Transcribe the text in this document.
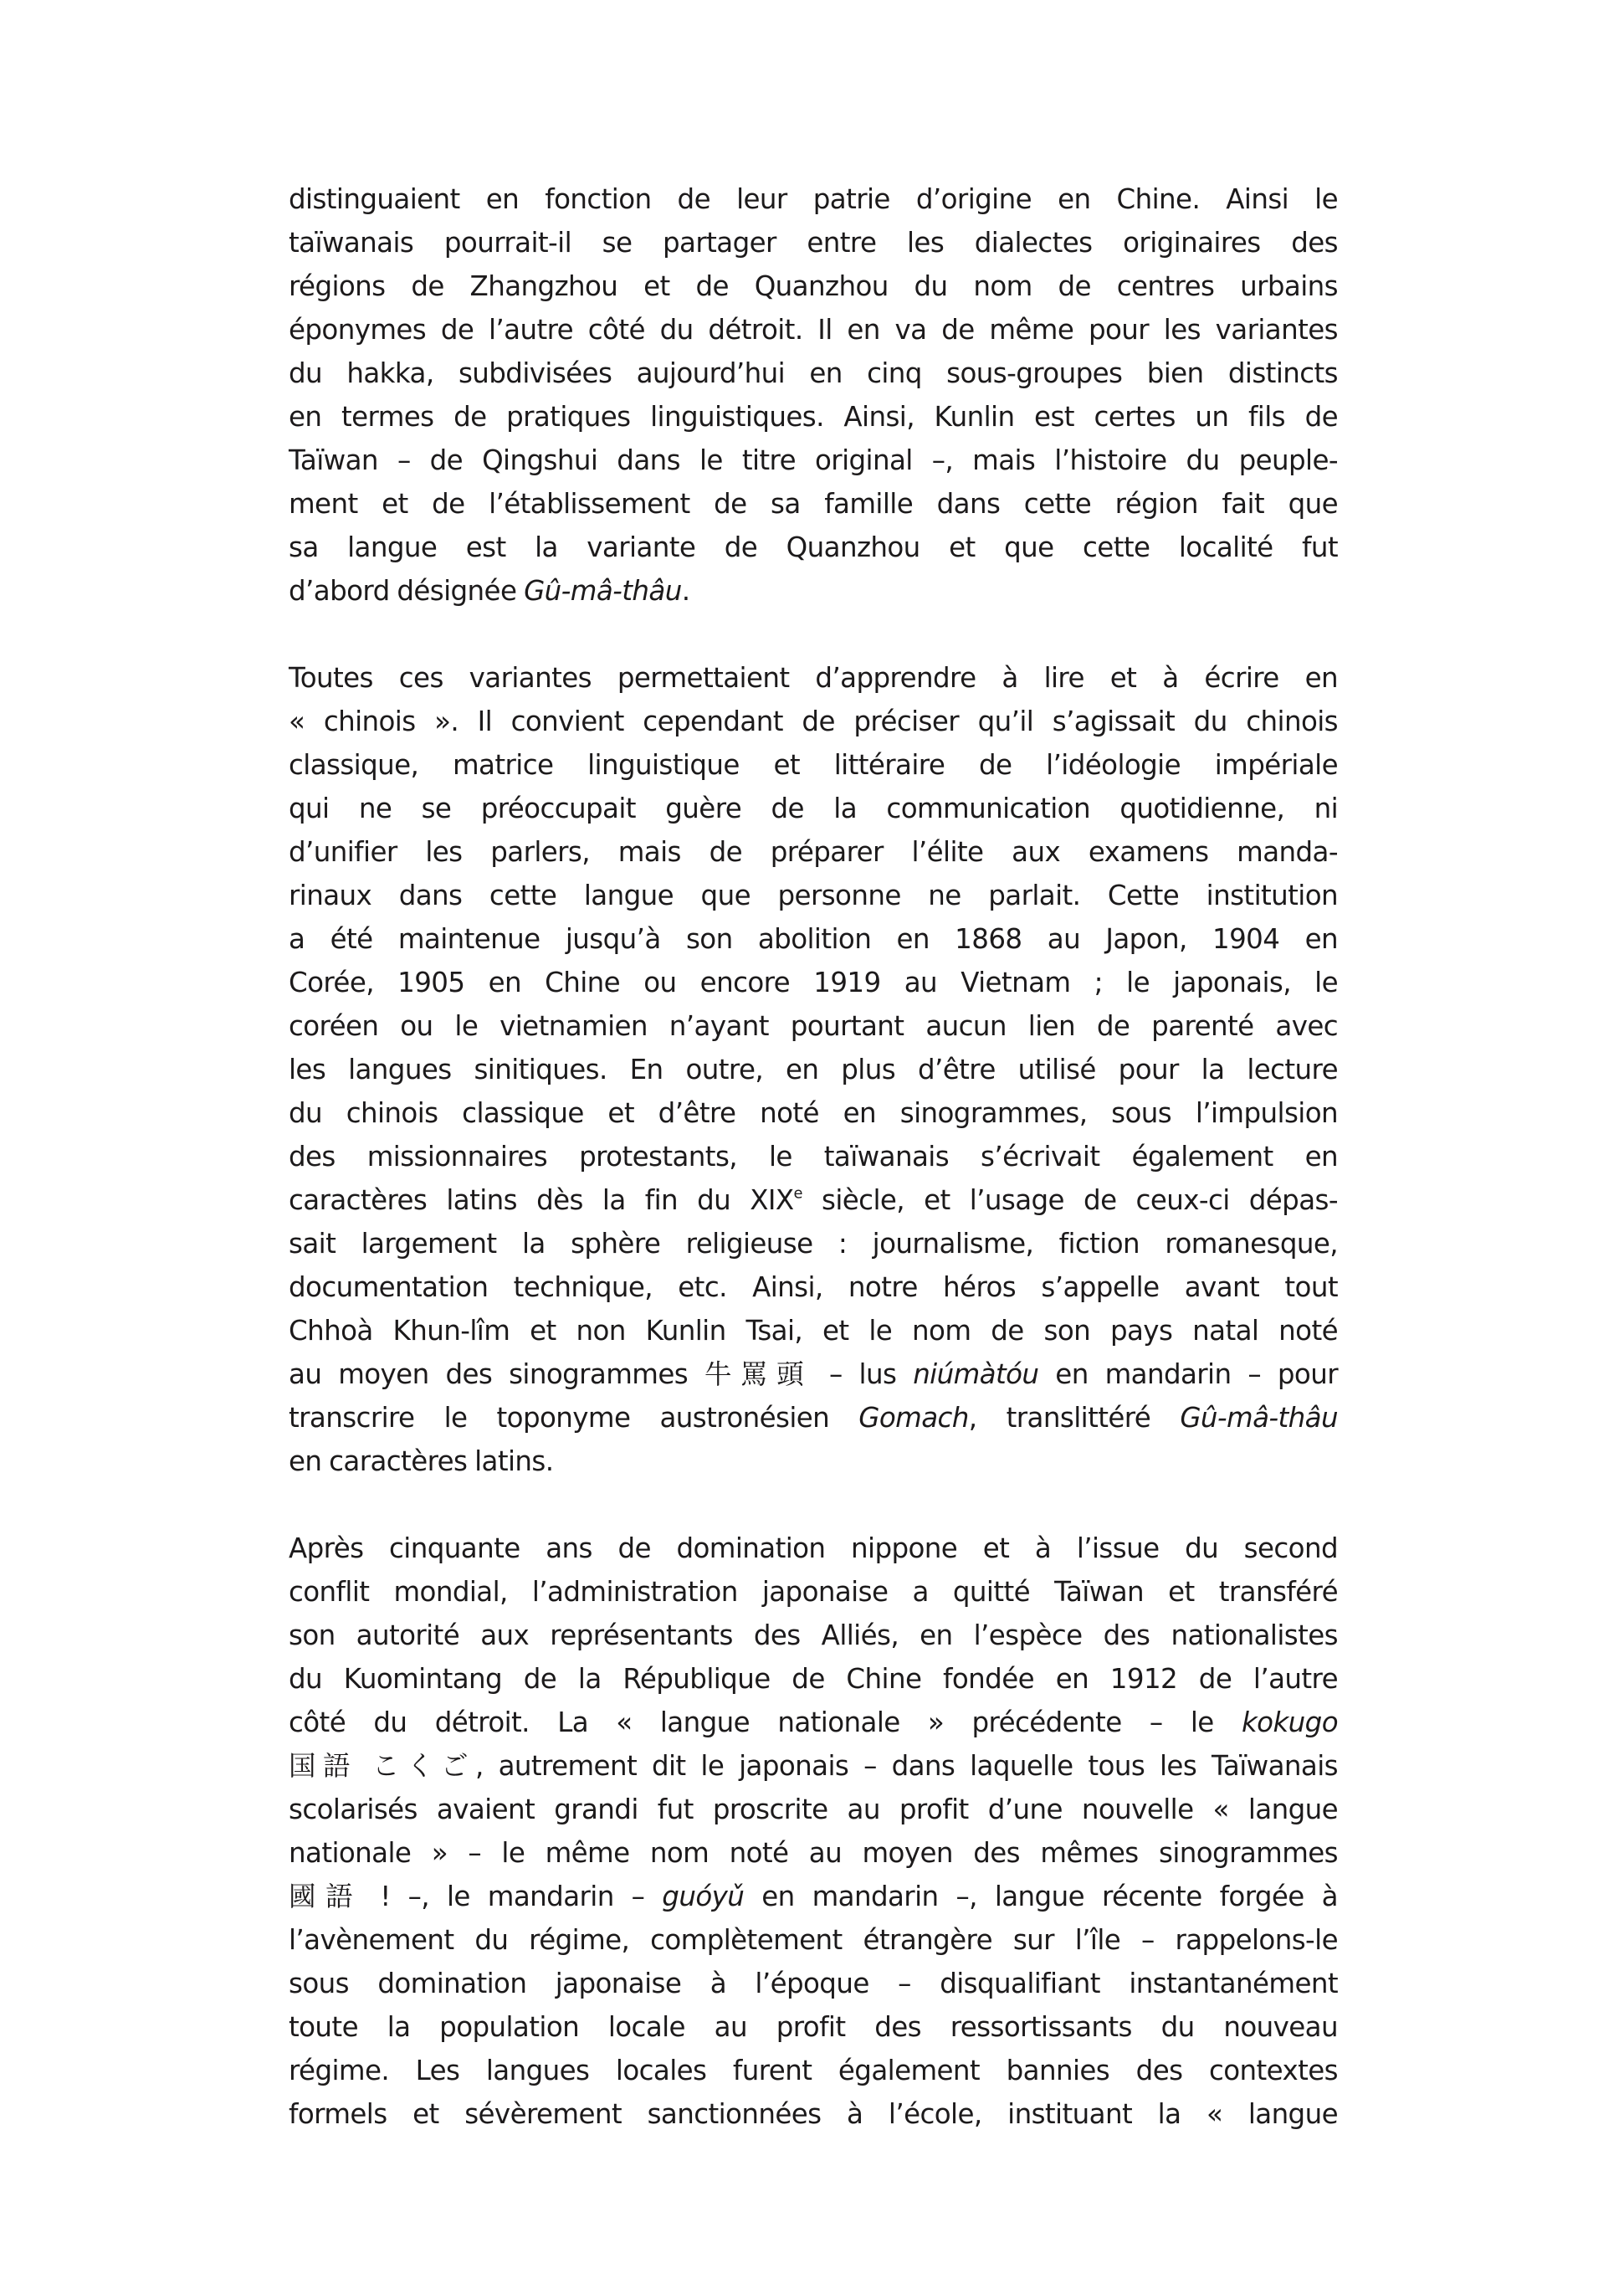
distinguaient en fonction de leur patrie d’origine en Chine. Ainsi le
taïwanais pourrait-il se partager entre les dialectes originaires des
régions de Zhangzhou et de Quanzhou du nom de centres urbains
éponymes de l’autre côté du détroit. Il en va de même pour les variantes
du hakka, subdivisées aujourd’hui en cinq sous-groupes bien distincts
en termes de pratiques linguistiques. Ainsi, Kunlin est certes un fils de
Taïwan – de Qingshui dans le titre original –, mais l’histoire du peuple-
ment et de l’établissement de sa famille dans cette région fait que
sa langue est la variante de Quanzhou et que cette localité fut
d’abord désignée Gû-mâ-thâu.
Toutes ces variantes permettaient d’apprendre à lire et à écrire en
« chinois ». Il convient cependant de préciser qu’il s’agissait du chinois
classique, matrice linguistique et littéraire de l’idéologie impériale
qui ne se préoccupait guère de la communication quotidienne, ni
d’unifier les parlers, mais de préparer l’élite aux examens manda-
rinaux dans cette langue que personne ne parlait. Cette institution
a été maintenue jusqu’à son abolition en 1868 au Japon, 1904 en
Corée, 1905 en Chine ou encore 1919 au Vietnam ; le japonais, le
coréen ou le vietnamien n’ayant pourtant aucun lien de parenté avec
les langues sinitiques. En outre, en plus d’être utilisé pour la lecture
du chinois classique et d’être noté en sinogrammes, sous l’impulsion
des missionnaires protestants, le taïwanais s’écrivait également en
caractères latins dès la fin du XIXe siècle, et l’usage de ceux-ci dépas-
sait largement la sphère religieuse : journalisme, fiction romanesque,
documentation technique, etc. Ainsi, notre héros s’appelle avant tout
Chhoà Khun-lîm et non Kunlin Tsai, et le nom de son pays natal noté
au moyen des sinogrammes 牛罵頭 – lus niúmàtóu en mandarin – pour
transcrire le toponyme austronésien Gomach, translittéré Gû-mâ-thâu
en caractères latins.
Après cinquante ans de domination nippone et à l’issue du second
conflit mondial, l’administration japonaise a quitté Taïwan et transféré
son autorité aux représentants des Alliés, en l’espèce des nationalistes
du Kuomintang de la République de Chine fondée en 1912 de l’autre
côté du détroit. La « langue nationale » précédente – le kokugo
国語 こくご, autrement dit le japonais – dans laquelle tous les Taïwanais
scolarisés avaient grandi fut proscrite au profit d’une nouvelle « langue
nationale » – le même nom noté au moyen des mêmes sinogrammes
國語 ! –, le mandarin – guóyǔ en mandarin –, langue récente forgée à
l’avènement du régime, complètement étrangère sur l’île – rappelons-le
sous domination japonaise à l’époque – disqualifiant instantanément
toute la population locale au profit des ressortissants du nouveau
régime. Les langues locales furent également bannies des contextes
formels et sévèrement sanctionnées à l’école, instituant la « langue
